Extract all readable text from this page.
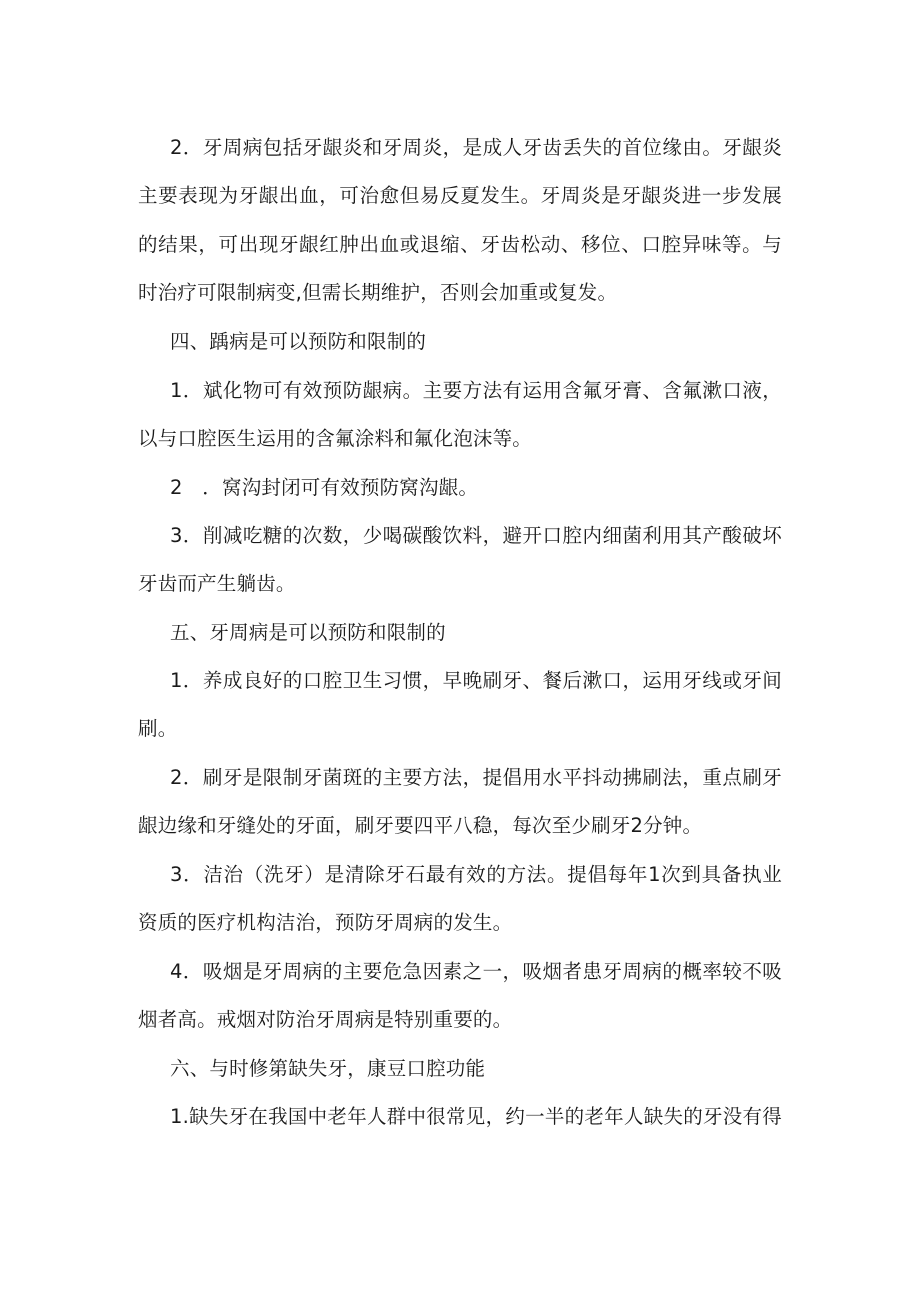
2．牙周病包括牙龈炎和牙周炎，是成人牙齿丢失的首位缘由。牙龈炎
主要表现为牙龈出血，可治愈但易反夏发生。牙周炎是牙龈炎进一步发展
的结果，可出现牙龈红肿出血或退缩、牙齿松动、移位、口腔异味等。与
时治疗可限制病变,但需长期维护，否则会加重或复发。
四、踽病是可以预防和限制的
1．斌化物可有效预防龈病。主要方法有运用含氟牙膏、含氟漱口液，
以与口腔医生运用的含氟涂料和氟化泡沫等。
2　．窝沟封闭可有效预防窝沟龈。
3．削减吃糖的次数，少喝碳酸饮料，避开口腔内细菌利用其产酸破坏
牙齿而产生躺齿。
五、牙周病是可以预防和限制的
1．养成良好的口腔卫生习惯，早晚刷牙、餐后漱口，运用牙线或牙间
刷。
2．刷牙是限制牙菌斑的主要方法，提倡用水平抖动拂刷法，重点刷牙
龈边缘和牙缝处的牙面，刷牙要四平八稳，每次至少刷牙2分钟。
3．洁治（洗牙）是清除牙石最有效的方法。提倡每年1次到具备执业
资质的医疗机构洁治，预防牙周病的发生。
4．吸烟是牙周病的主要危急因素之一，吸烟者患牙周病的概率较不吸
烟者高。戒烟对防治牙周病是特别重要的。
六、与时修第缺失牙，康豆口腔功能
1.缺失牙在我国中老年人群中很常见，约一半的老年人缺失的牙没有得
